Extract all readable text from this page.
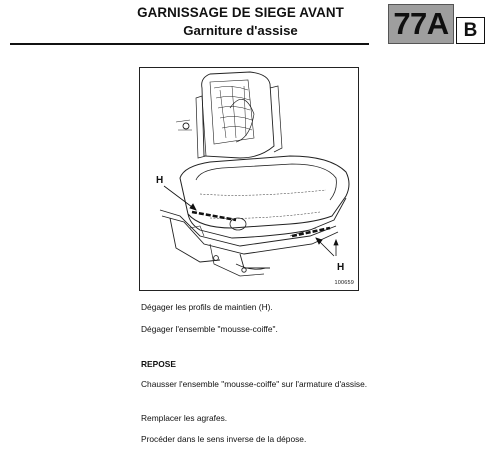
GARNISSAGE DE SIEGE AVANT
Garniture d'assise	77A B
H
H
100659
Dégager les profils de maintien (H).
Dégager l'ensemble "mousse-coiffe".
REPOSE
Chausser l'ensemble "mousse-coiffe" sur l'armature d'assise.
Remplacer les agrafes.
Procéder dans le sens inverse de la dépose.
